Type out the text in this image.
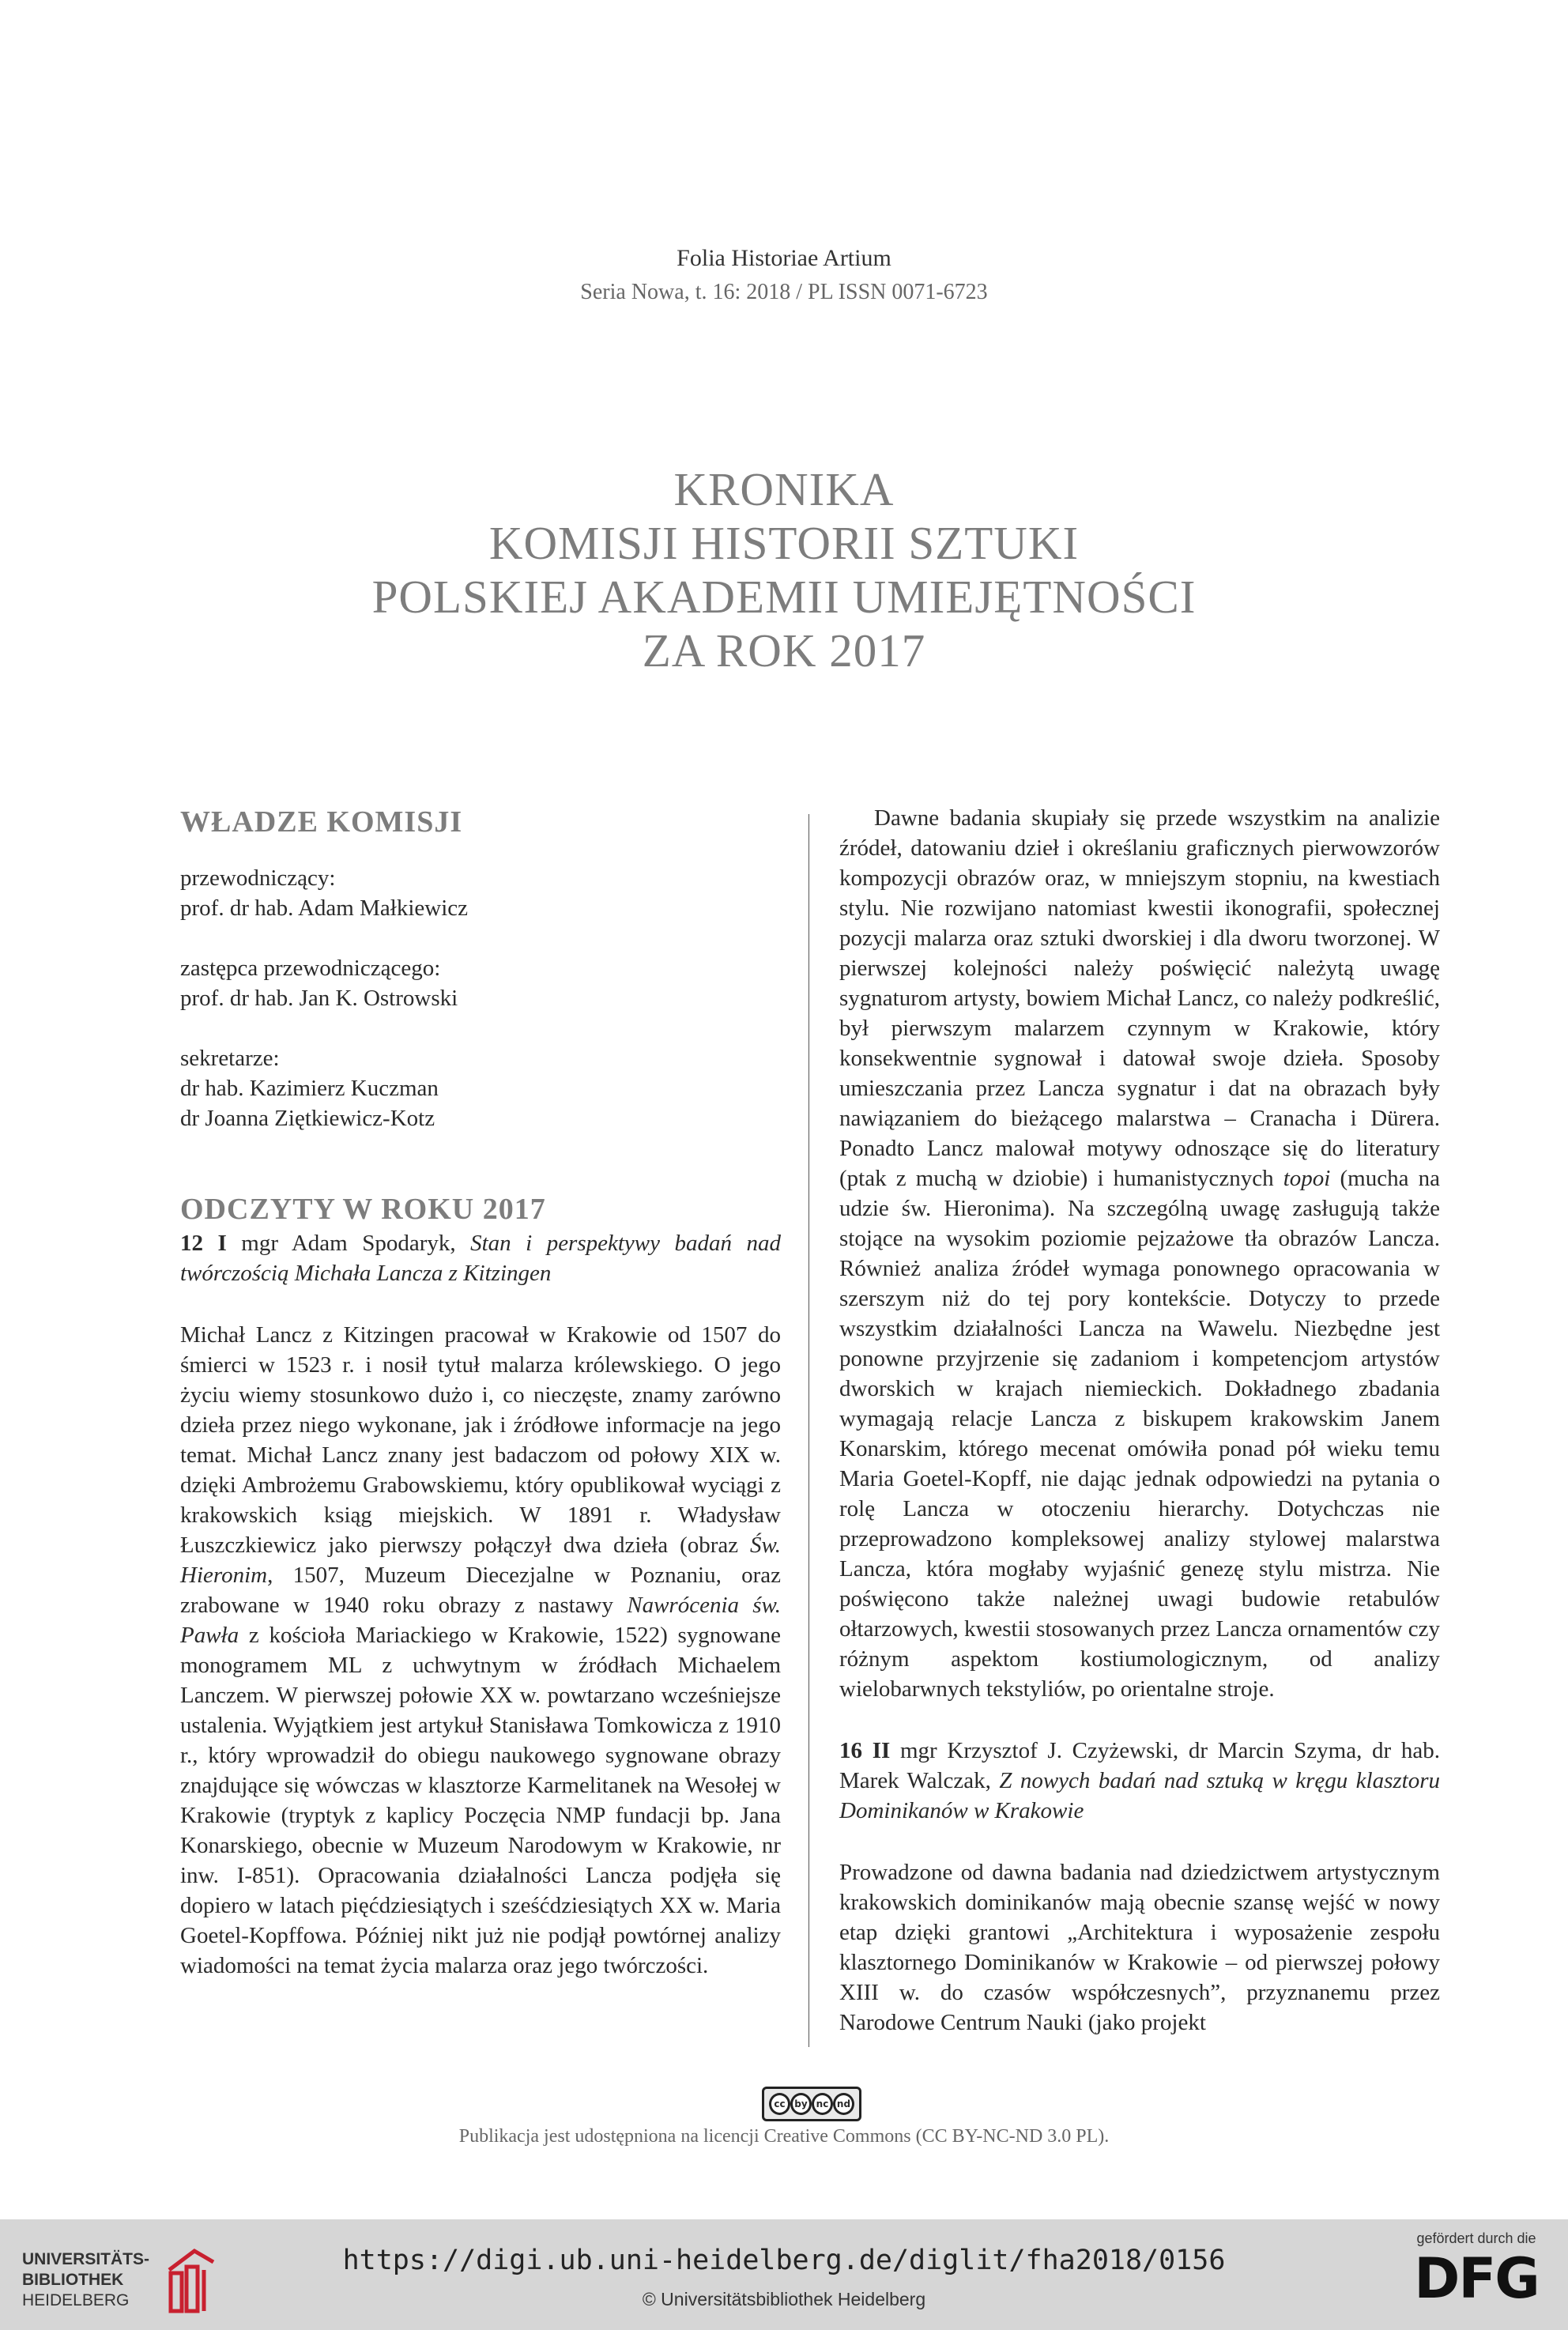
Folia Historiae Artium
Seria Nowa, t. 16: 2018 / PL ISSN 0071-6723
KRONIKA
KOMISJI HISTORII SZTUKI
POLSKIEJ AKADEMII UMIEJĘTNOŚCI
ZA ROK 2017
WŁADZE KOMISJI
przewodniczący:
prof. dr hab. Adam Małkiewicz
zastępca przewodniczącego:
prof. dr hab. Jan K. Ostrowski
sekretarze:
dr hab. Kazimierz Kuczman
dr Joanna Ziętkiewicz-Kotz
ODCZYTY W ROKU 2017

12 I mgr Adam Spodaryk, Stan i perspektywy badań nad twórczością Michała Lancza z Kitzingen

Michał Lancz z Kitzingen pracował w Krakowie od 1507 do śmierci w 1523 r. i nosił tytuł malarza królewskiego. O jego życiu wiemy stosunkowo dużo i, co nieczęste, znamy zarówno dzieła przez niego wykonane, jak i źródłowe informacje na jego temat. Michał Lancz znany jest badaczom od połowy XIX w. dzięki Ambrożemu Grabowskiemu, który opublikował wyciągi z krakowskich ksiąg miejskich. W 1891 r. Władysław Łuszczkiewicz jako pierwszy połączył dwa dzieła (obraz Św. Hieronim, 1507, Muzeum Diecezjalne w Poznaniu, oraz zrabowane w 1940 roku obrazy z nastawy Nawrócenia św. Pawła z kościoła Mariackiego w Krakowie, 1522) sygnowane monogramem ML z uchwytnym w źródłach Michaelem Lanczem. W pierwszej połowie XX w. powtarzano wcześniejsze ustalenia. Wyjątkiem jest artykuł Stanisława Tomkowicza z 1910 r., który wprowadził do obiegu naukowego sygnowane obrazy znajdujące się wówczas w klasztorze Karmelitanek na Wesołej w Krakowie (tryptyk z kaplicy Poczęcia NMP fundacji bp. Jana Konarskiego, obecnie w Muzeum Narodowym w Krakowie, nr inw. I-851). Opracowania działalności Lancza podjęła się dopiero w latach pięćdziesiątych i sześćdziesiątych XX w. Maria Goetel-Kopffowa. Później nikt już nie podjął powtórnej analizy wiadomości na temat życia malarza oraz jego twórczości.

Dawne badania skupiały się przede wszystkim na analizie źródeł, datowaniu dzieł i określaniu graficznych pierwowzorów kompozycji obrazów oraz, w mniejszym stopniu, na kwestiach stylu. Nie rozwijano natomiast kwestii ikonografii, społecznej pozycji malarza oraz sztuki dworskiej i dla dworu tworzonej. W pierwszej kolejności należy poświęcić należytą uwagę sygnaturom artysty, bowiem Michał Lancz, co należy podkreślić, był pierwszym malarzem czynnym w Krakowie, który konsekwentnie sygnował i datował swoje dzieła. Sposoby umieszczania przez Lancza sygnatur i dat na obrazach były nawiązaniem do bieżącego malarstwa – Cranacha i Dürera. Ponadto Lancz malował motywy odnoszące się do literatury (ptak z muchą w dziobie) i humanistycznych topoi (mucha na udzie św. Hieronima). Na szczególną uwagę zasługują także stojące na wysokim poziomie pejzażowe tła obrazów Lancza. Również analiza źródeł wymaga ponownego opracowania w szerszym niż do tej pory kontekście. Dotyczy to przede wszystkim działalności Lancza na Wawelu. Niezbędne jest ponowne przyjrzenie się zadaniom i kompetencjom artystów dworskich w krajach niemieckich. Dokładnego zbadania wymagają relacje Lancza z biskupem krakowskim Janem Konarskim, którego mecenat omówiła ponad pół wieku temu Maria Goetel-Kopff, nie dając jednak odpowiedzi na pytania o rolę Lancza w otoczeniu hierarchy. Dotychczas nie przeprowadzono kompleksowej analizy stylowej malarstwa Lancza, która mogłaby wyjaśnić genezę stylu mistrza. Nie poświęcono także należnej uwagi budowie retabulów ołtarzowych, kwestii stosowanych przez Lancza ornamentów czy różnym aspektom kostiumologicznym, od analizy wielobarwnych tekstyliów, po orientalne stroje.

16 II mgr Krzysztof J. Czyżewski, dr Marcin Szyma, dr hab. Marek Walczak, Z nowych badań nad sztuką w kręgu klasztoru Dominikanów w Krakowie

Prowadzone od dawna badania nad dziedzictwem artystycznym krakowskich dominikanów mają obecnie szansę wejść w nowy etap dzięki grantowi „Architektura i wyposażenie zespołu klasztornego Dominikanów w Krakowie – od pierwszej połowy XIII w. do czasów współczesnych”, przyznanemu przez Narodowe Centrum Nauki (jako projekt

cc by nc nd
Publikacja jest udostępniona na licencji Creative Commons (CC BY-NC-ND 3.0 PL).
UNIVERSITÄTS-
BIBLIOTHEK
HEIDELBERG
https://digi.ub.uni-heidelberg.de/diglit/fha2018/0156
© Universitätsbibliothek Heidelberg
gefördert durch die
DFG
